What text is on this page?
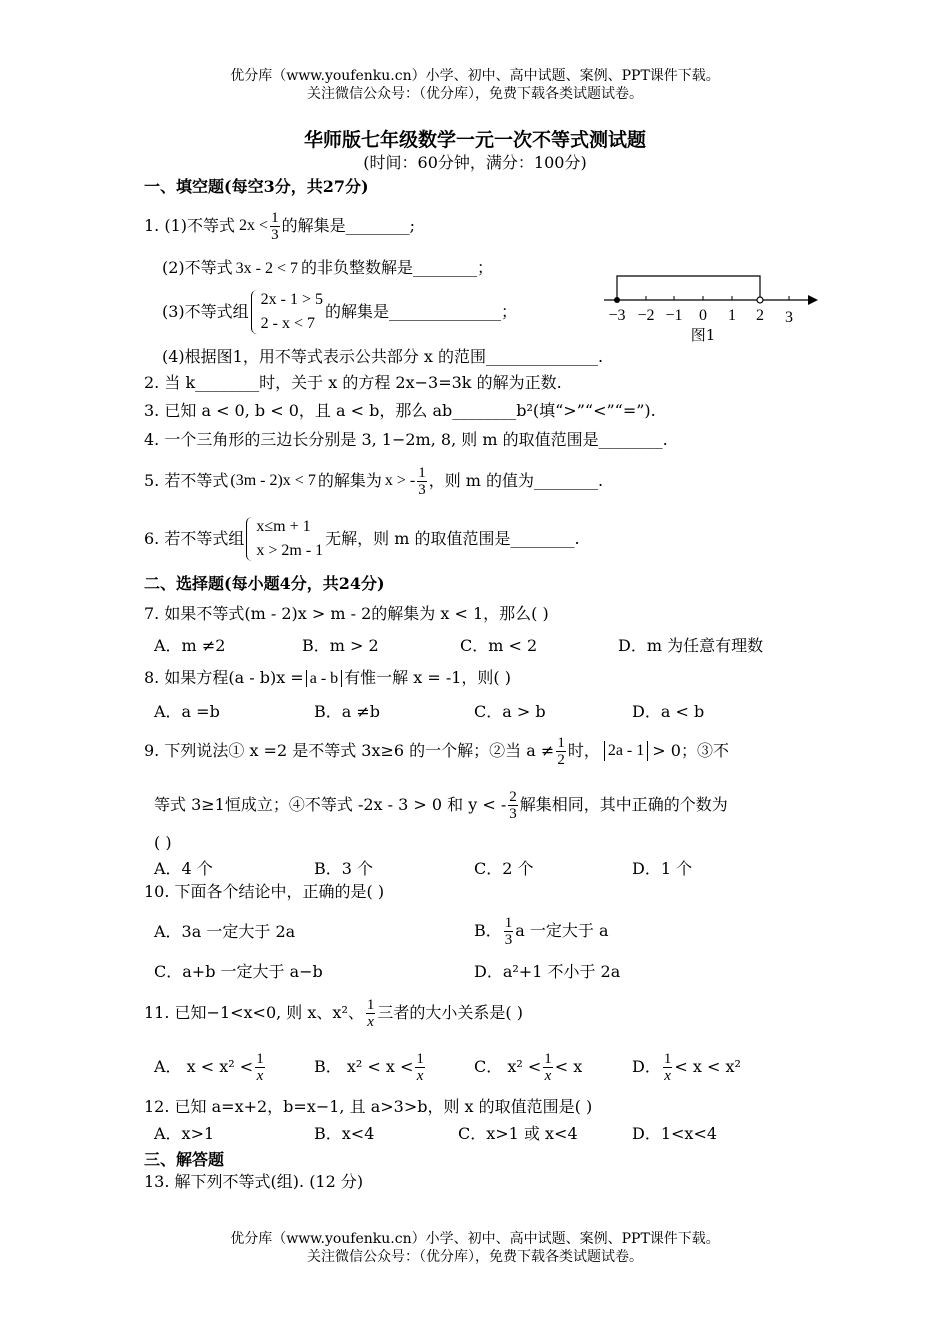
优分库（www.youfenku.cn）小学、初中、高中试题、案例、PPT课件下载。
关注微信公众号：（优分库），免费下载各类试题试卷。
华师版七年级数学一元一次不等式测试题
(时间：60分钟，满分：100分)
一、填空题(每空3分，共27分)
1. (1)不等式 $2x < \frac{1}{3}$ 的解集是________;
(2)不等式 3x - 2 < 7 的非负整数解是________；
(3)不等式组
2x - 1 > 5
2 - x < 7
的解集是______________；	−3 −2 −1 0 1 2 3
图1
(4)根据图1，用不等式表示公共部分 x 的范围______________.
2. 当 k________时，关于 x 的方程 2x−3=3k 的解为正数.
3. 已知 a < 0, b < 0，且 a < b，那么 ab________b²(填“>”“<”“=”).
4. 一个三角形的三边长分别是 3, 1−2m, 8, 则 m 的取值范围是________.
5. 若不等式 (3m - 2)x < 7 的解集为 x > - $\frac{1}{3}$ ，则 m 的值为________.
6. 若不等式组
x≤m + 1
x > 2m - 1
无解，则 m 的取值范围是________.
二、选择题(每小题4分，共24分)
7. 如果不等式(m - 2)x > m - 2的解集为 x < 1，那么( )
A．m ≠2	B．m > 2	C．m < 2	D．m 为任意有理数
8. 如果方程(a - b)x = a - b 有惟一解 x = -1，则( )
A．a =b	B．a ≠b	C．a > b	D．a < b
9. 下列说法① x =2 是不等式 3x≥6 的一个解；②当 $a \ne \frac{1}{2}$ 时， 2a - 1 > 0；③不
等式 3≥1恒成立；④不等式 -2x - 3 > 0 和 y < - $\frac{2}{3}$ 解集相同，其中正确的个数为
( )
A．4 个	B．3 个	C．2 个	D．1 个
10. 下面各个结论中，正确的是( )
A．3a 一定大于 2a	B． $\frac{1}{3}$ a 一定大于 a
C．a+b 一定大于 a−b	D．a²+1 不小于 2a
11. 已知−1<x<0, 则 x、x²、 $\frac{1}{x}$ 三者的大小关系是( )
A． $x < x^2 < \frac{1}{x}$	B． $x^2 < x < \frac{1}{x}$	C． $x^2 < \frac{1}{x} < x$	D． $\frac{1}{x} < x < x^2$
12. 已知 a=x+2，b=x−1, 且 a>3>b，则 x 的取值范围是( )
A．x>1	B．x<4	C．x>1 或 x<4	D．1<x<4
三、解答题
13. 解下列不等式(组). (12 分)
优分库（www.youfenku.cn）小学、初中、高中试题、案例、PPT课件下载。
关注微信公众号：（优分库），免费下载各类试题试卷。
